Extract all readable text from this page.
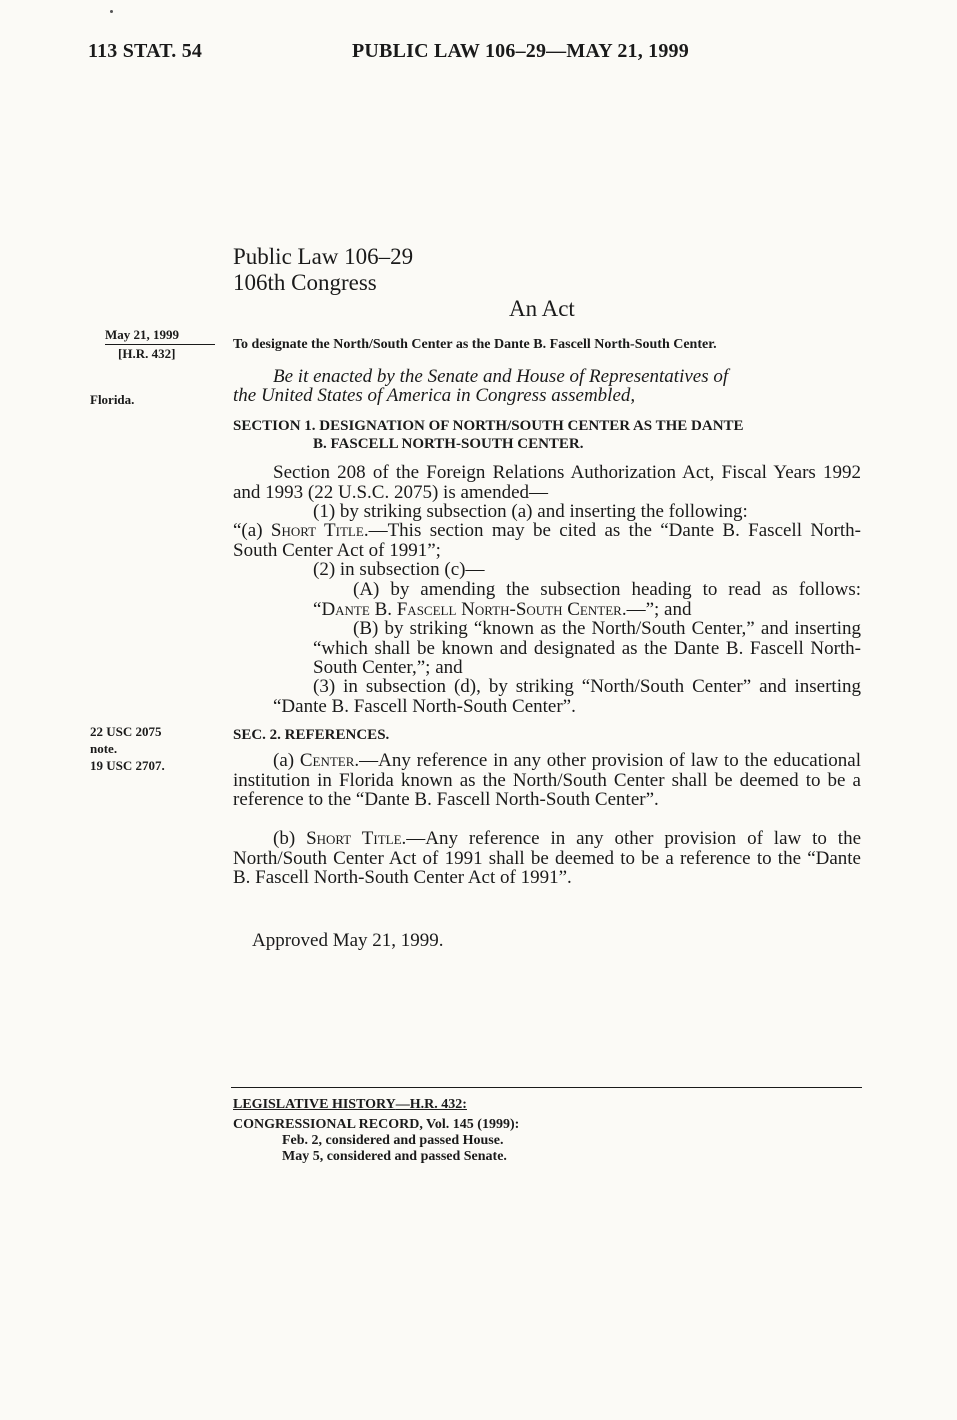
113 STAT. 54	PUBLIC LAW 106–29—MAY 21, 1999
Public Law 106–29
106th Congress
An Act
May 21, 1999
[H.R. 432]
Florida.
22 USC 2075
note.
19 USC 2707.
To designate the North/South Center as the Dante B. Fascell North-South Center.
Be it enacted by the Senate and House of Representatives of
the United States of America in Congress assembled,
SECTION 1. DESIGNATION OF NORTH/SOUTH CENTER AS THE DANTE
B. FASCELL NORTH-SOUTH CENTER.
Section 208 of the Foreign Relations Authorization Act, Fiscal Years 1992 and 1993 (22 U.S.C. 2075) is amended—
(1) by striking subsection (a) and inserting the following:
“(a) Short Title.—This section may be cited as the “Dante B. Fascell North-South Center Act of 1991”;
(2) in subsection (c)—
(A) by amending the subsection heading to read as follows: “Dante B. Fascell North-South Center.—”; and
(B) by striking “known as the North/South Center,” and inserting “which shall be known and designated as the Dante B. Fascell North-South Center,”; and
(3) in subsection (d), by striking “North/South Center” and inserting “Dante B. Fascell North-South Center”.
SEC. 2. REFERENCES.
(a) Center.—Any reference in any other provision of law to the educational institution in Florida known as the North/South Center shall be deemed to be a reference to the “Dante B. Fascell North-South Center”.
(b) Short Title.—Any reference in any other provision of law to the North/South Center Act of 1991 shall be deemed to be a reference to the “Dante B. Fascell North-South Center Act of 1991”.
Approved May 21, 1999.
LEGISLATIVE HISTORY—H.R. 432:
CONGRESSIONAL RECORD, Vol. 145 (1999):
Feb. 2, considered and passed House.
May 5, considered and passed Senate.
